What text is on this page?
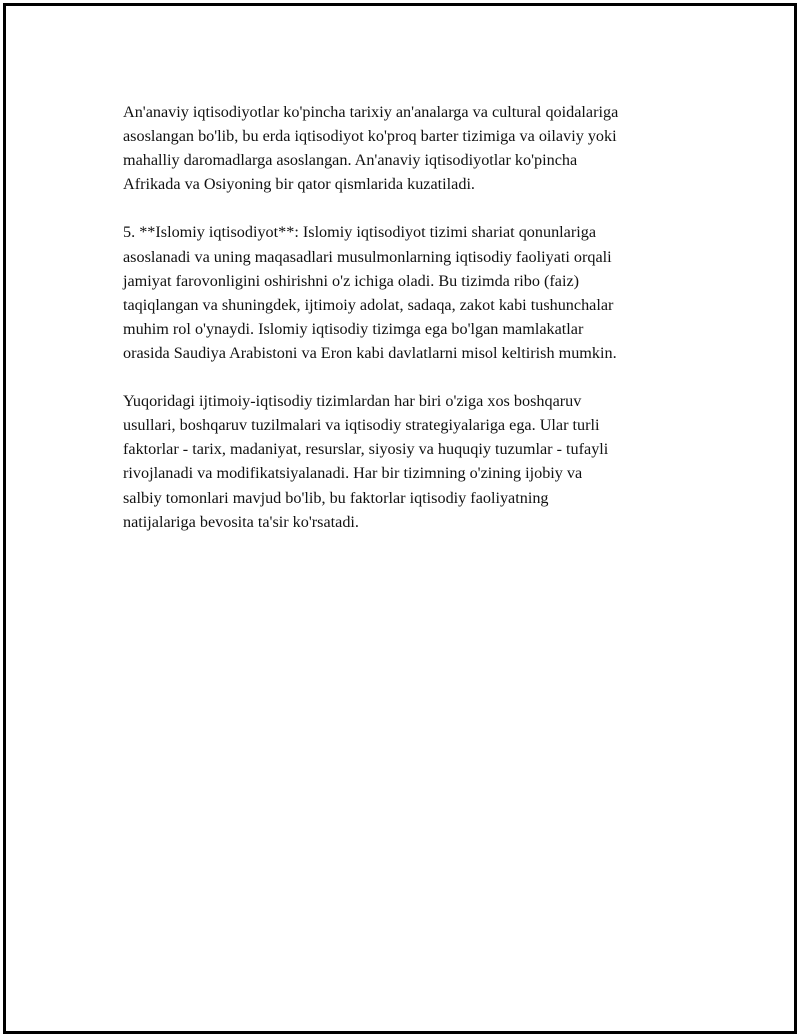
An'anaviy iqtisodiyotlar ko'pincha tarixiy an'analarga va cultural qoidalariga
asoslangan bo'lib, bu erda iqtisodiyot ko'proq barter tizimiga va oilaviy yoki
mahalliy daromadlarga asoslangan. An'anaviy iqtisodiyotlar ko'pincha
Afrikada va Osiyoning bir qator qismlarida kuzatiladi.

5. **Islomiy iqtisodiyot**: Islomiy iqtisodiyot tizimi shariat qonunlariga
asoslanadi va uning maqasadlari musulmonlarning iqtisodiy faoliyati orqali
jamiyat farovonligini oshirishni o'z ichiga oladi. Bu tizimda ribo (faiz)
taqiqlangan va shuningdek, ijtimoiy adolat, sadaqa, zakot kabi tushunchalar
muhim rol o'ynaydi. Islomiy iqtisodiy tizimga ega bo'lgan mamlakatlar
orasida Saudiya Arabistoni va Eron kabi davlatlarni misol keltirish mumkin.

Yuqoridagi ijtimoiy-iqtisodiy tizimlardan har biri o'ziga xos boshqaruv
usullari, boshqaruv tuzilmalari va iqtisodiy strategiyalariga ega. Ular turli
faktorlar - tarix, madaniyat, resurslar, siyosiy va huquqiy tuzumlar - tufayli
rivojlanadi va modifikatsiyalanadi. Har bir tizimning o'zining ijobiy va
salbiy tomonlari mavjud bo'lib, bu faktorlar iqtisodiy faoliyatning
natijalariga bevosita ta'sir ko'rsatadi.
